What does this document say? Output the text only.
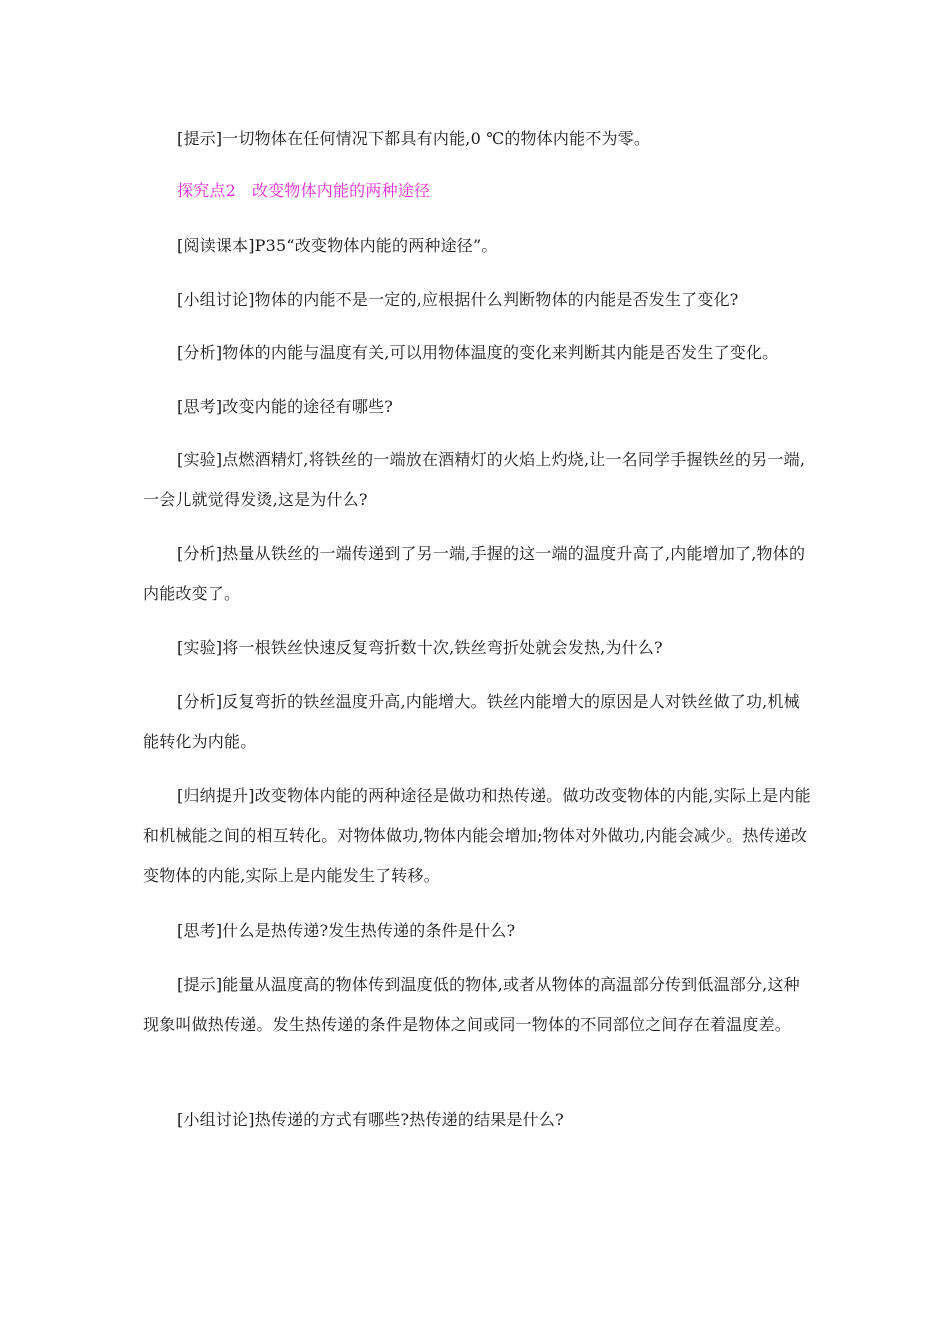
[提示]一切物体在任何情况下都具有内能,0 ℃的物体内能不为零。

探究点2 改变物体内能的两种途径

[阅读课本]P35“改变物体内能的两种途径”。

[小组讨论]物体的内能不是一定的,应根据什么判断物体的内能是否发生了变化?

[分析]物体的内能与温度有关,可以用物体温度的变化来判断其内能是否发生了变化。

[思考]改变内能的途径有哪些?

[实验]点燃酒精灯,将铁丝的一端放在酒精灯的火焰上灼烧,让一名同学手握铁丝的另一端,一会儿就觉得发烫,这是为什么?

[分析]热量从铁丝的一端传递到了另一端,手握的这一端的温度升高了,内能增加了,物体的内能改变了。

[实验]将一根铁丝快速反复弯折数十次,铁丝弯折处就会发热,为什么?

[分析]反复弯折的铁丝温度升高,内能增大。铁丝内能增大的原因是人对铁丝做了功,机械能转化为内能。

[归纳提升]改变物体内能的两种途径是做功和热传递。做功改变物体的内能,实际上是内能和机械能之间的相互转化。对物体做功,物体内能会增加;物体对外做功,内能会减少。热传递改变物体的内能,实际上是内能发生了转移。

[思考]什么是热传递?发生热传递的条件是什么?

[提示]能量从温度高的物体传到温度低的物体,或者从物体的高温部分传到低温部分,这种现象叫做热传递。发生热传递的条件是物体之间或同一物体的不同部位之间存在着温度差。

[小组讨论]热传递的方式有哪些?热传递的结果是什么?
